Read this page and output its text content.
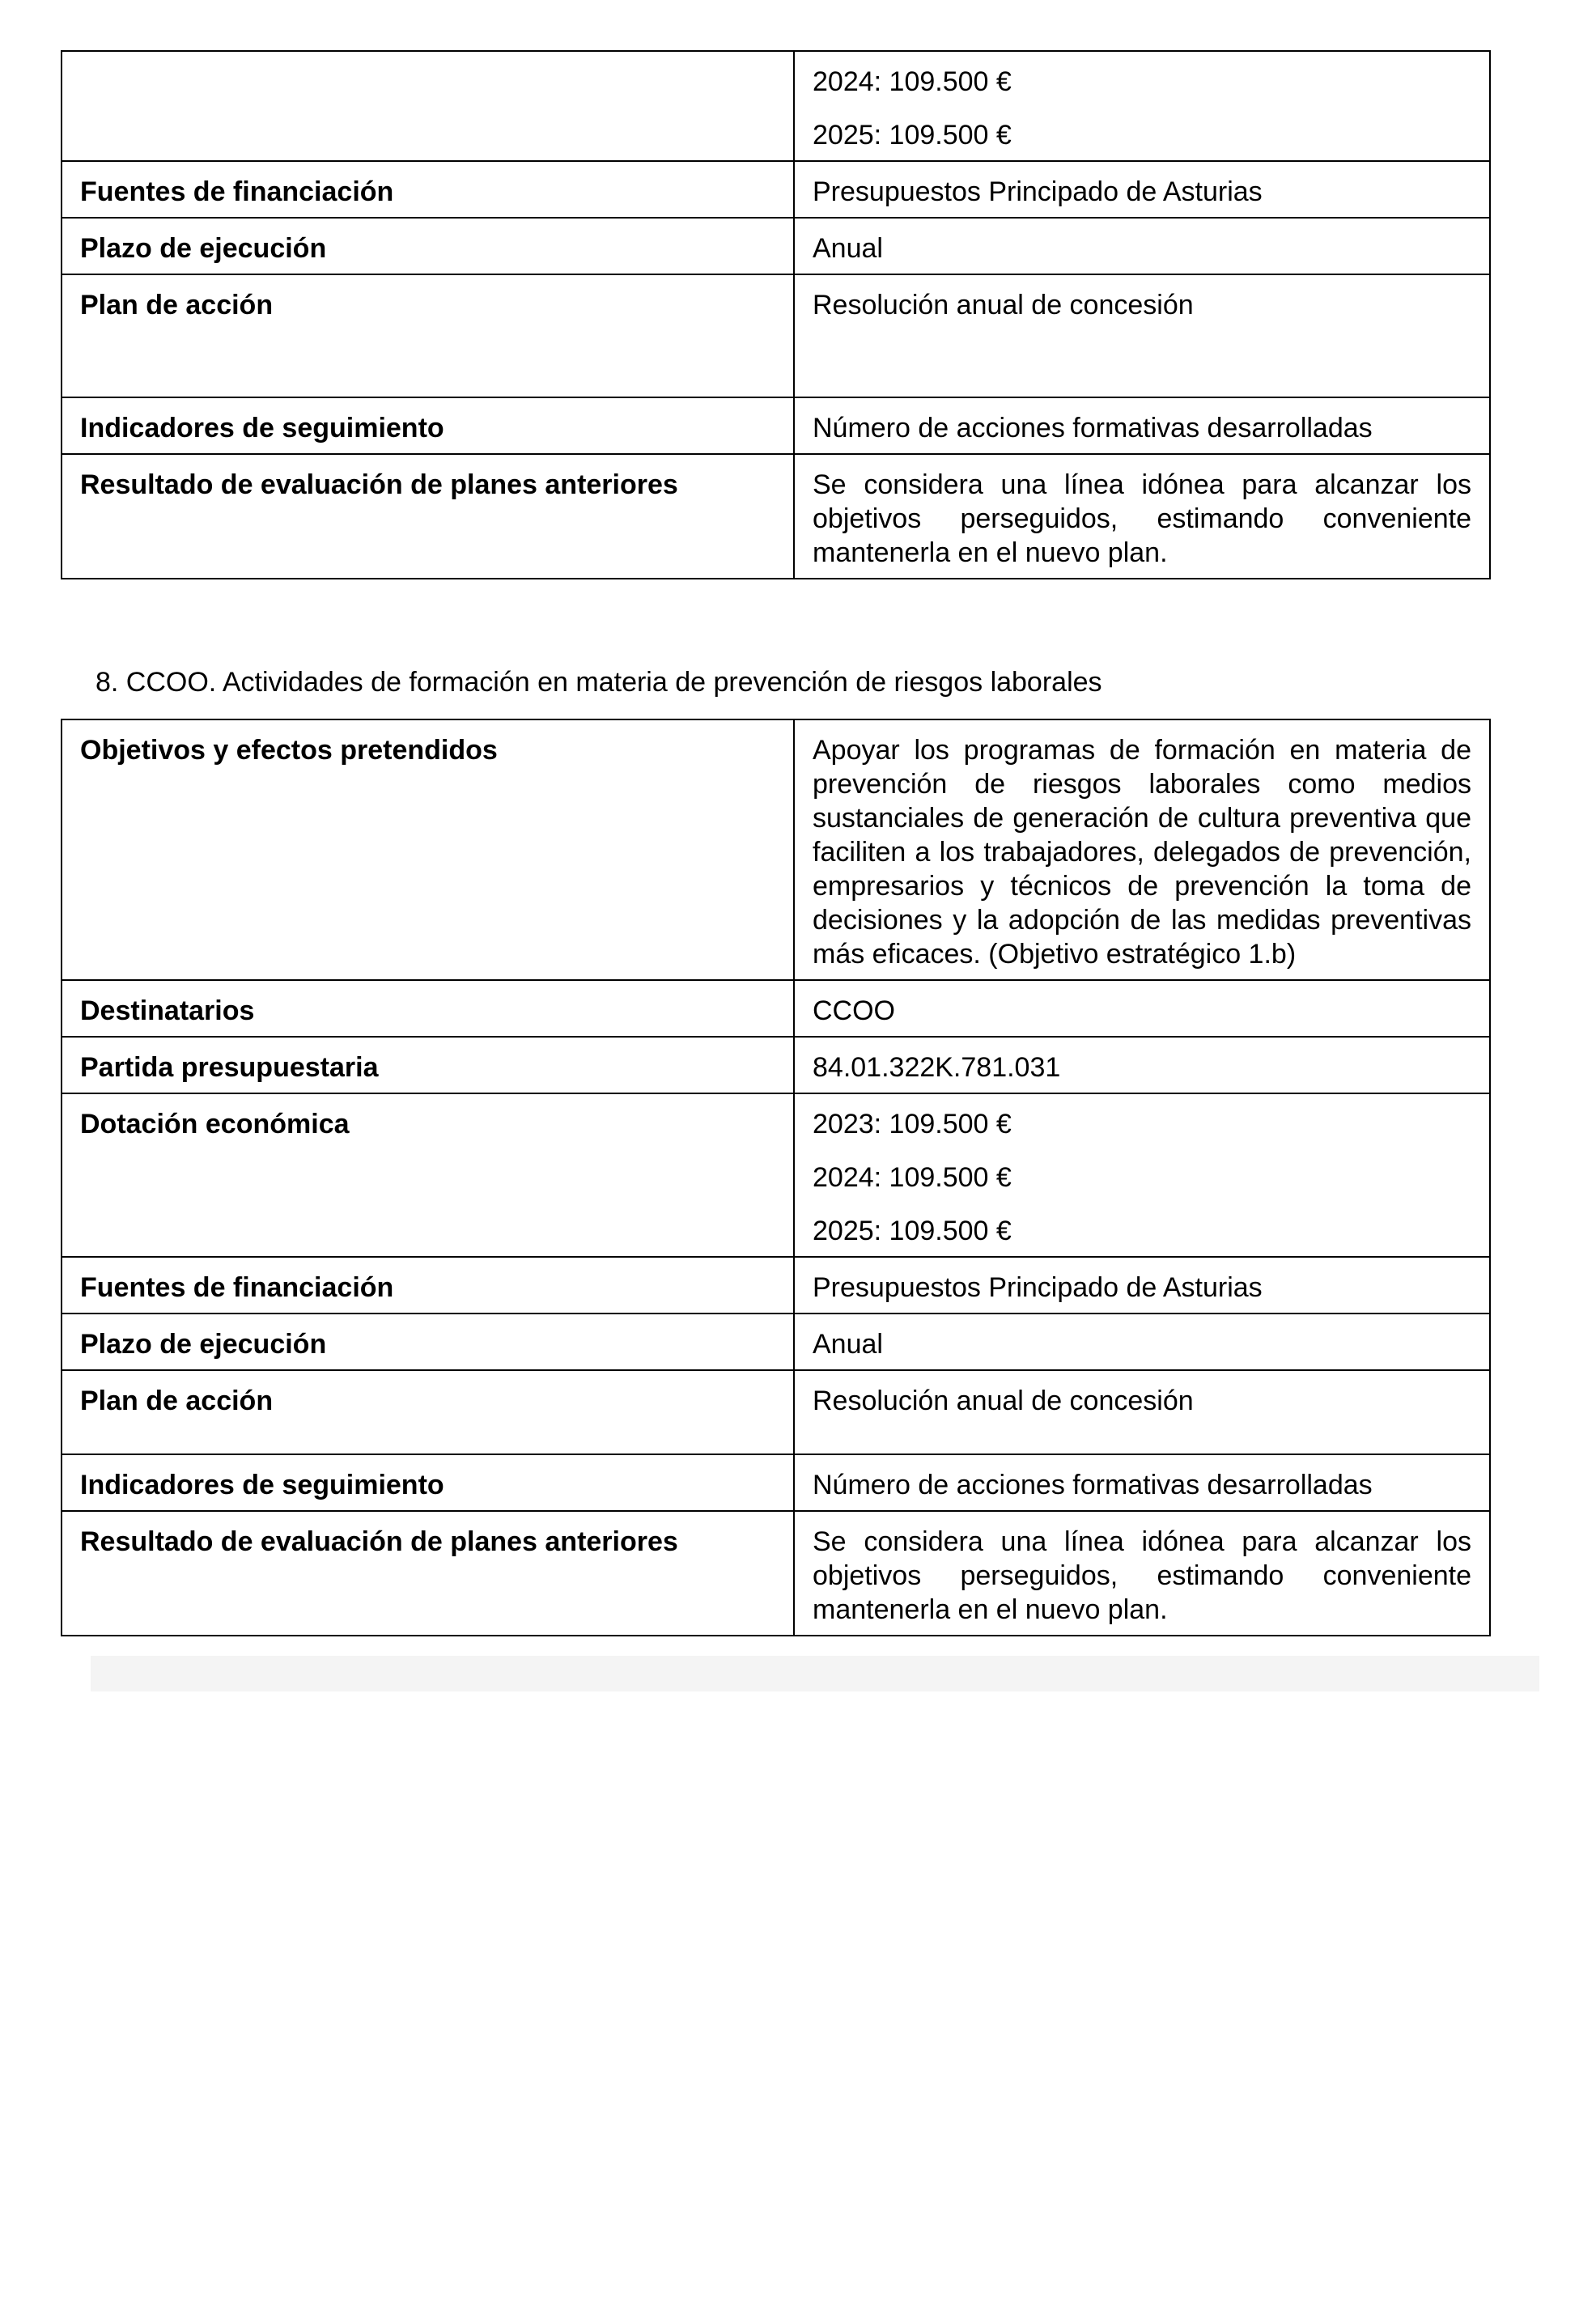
	2024: 109.500 €
2025: 109.500 €

Fuentes de financiación	Presupuestos Principado de Asturias
Plazo de ejecución	Anual
Plan de acción	Resolución anual de concesión
Indicadores de seguimiento	Número de acciones formativas desarrolladas
Resultado de evaluación de planes anteriores	Se considera una línea idónea para alcanzar los objetivos perseguidos, estimando conveniente mantenerla en el nuevo plan.

8. CCOO. Actividades de formación en materia de prevención de riesgos laborales

Objetivos y efectos pretendidos	Apoyar los programas de formación en materia de prevención de riesgos laborales como medios sustanciales de generación de cultura preventiva que faciliten a los trabajadores, delegados de prevención, empresarios y técnicos de prevención la toma de decisiones y la adopción de las medidas preventivas más eficaces. (Objetivo estratégico 1.b)
Destinatarios	CCOO
Partida presupuestaria	84.01.322K.781.031
Dotación económica	2023: 109.500 €
2024: 109.500 €
2025: 109.500 €

Fuentes de financiación	Presupuestos Principado de Asturias
Plazo de ejecución	Anual
Plan de acción	Resolución anual de concesión
Indicadores de seguimiento	Número de acciones formativas desarrolladas
Resultado de evaluación de planes anteriores	Se considera una línea idónea para alcanzar los objetivos perseguidos, estimando conveniente mantenerla en el nuevo plan.
